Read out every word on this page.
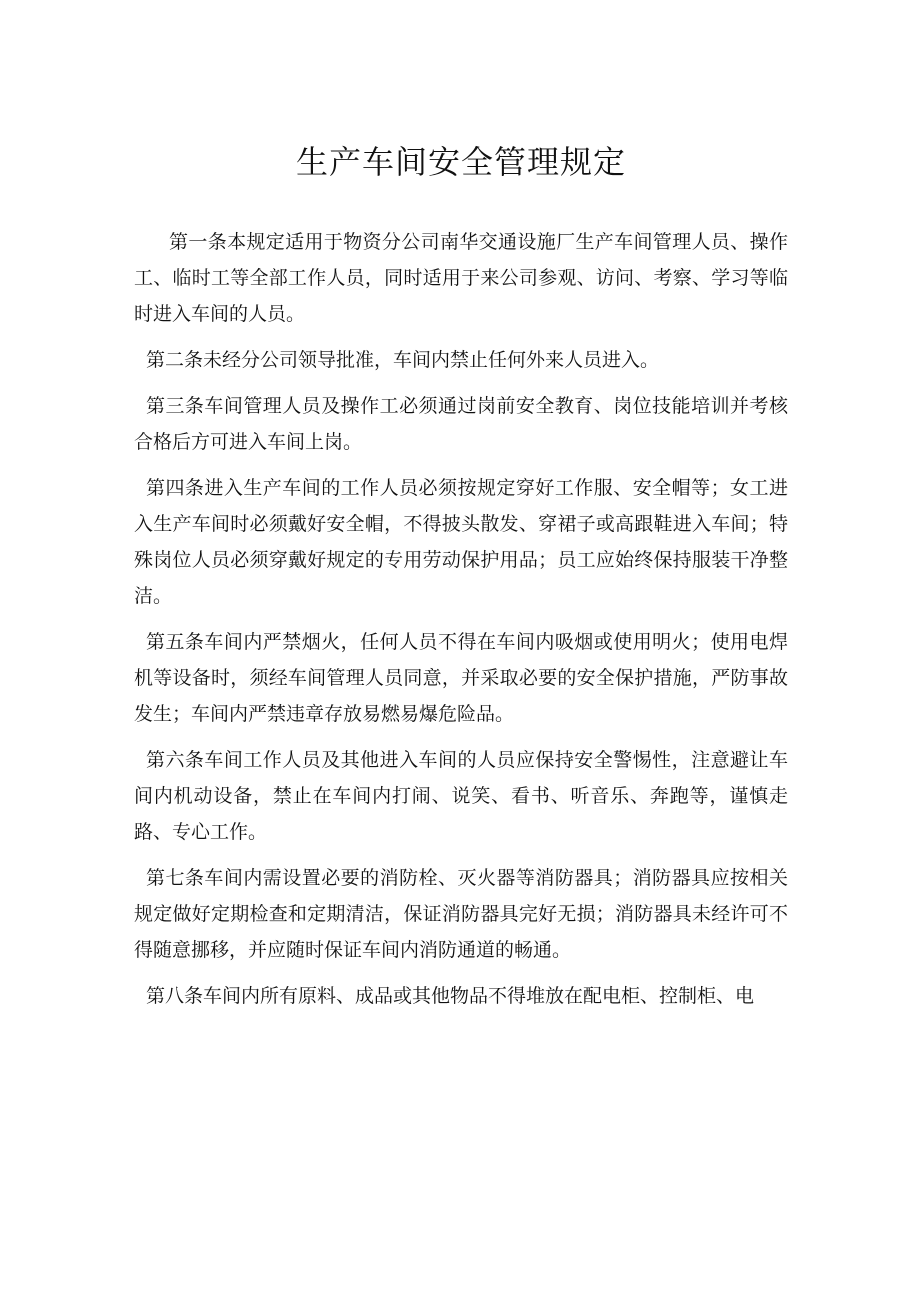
生产车间安全管理规定

第一条本规定适用于物资分公司南华交通设施厂生产车间管理人员、操作工、临时工等全部工作人员，同时适用于来公司参观、访问、考察、学习等临时进入车间的人员。

第二条未经分公司领导批准，车间内禁止任何外来人员进入。

第三条车间管理人员及操作工必须通过岗前安全教育、岗位技能培训并考核合格后方可进入车间上岗。

第四条进入生产车间的工作人员必须按规定穿好工作服、安全帽等；女工进入生产车间时必须戴好安全帽，不得披头散发、穿裙子或高跟鞋进入车间；特殊岗位人员必须穿戴好规定的专用劳动保护用品；员工应始终保持服装干净整洁。

第五条车间内严禁烟火，任何人员不得在车间内吸烟或使用明火；使用电焊机等设备时，须经车间管理人员同意，并采取必要的安全保护措施，严防事故发生；车间内严禁违章存放易燃易爆危险品。

第六条车间工作人员及其他进入车间的人员应保持安全警惕性，注意避让车间内机动设备，禁止在车间内打闹、说笑、看书、听音乐、奔跑等，谨慎走路、专心工作。

第七条车间内需设置必要的消防栓、灭火器等消防器具；消防器具应按相关规定做好定期检查和定期清洁，保证消防器具完好无损；消防器具未经许可不得随意挪移，并应随时保证车间内消防通道的畅通。

第八条车间内所有原料、成品或其他物品不得堆放在配电柜、控制柜、电
